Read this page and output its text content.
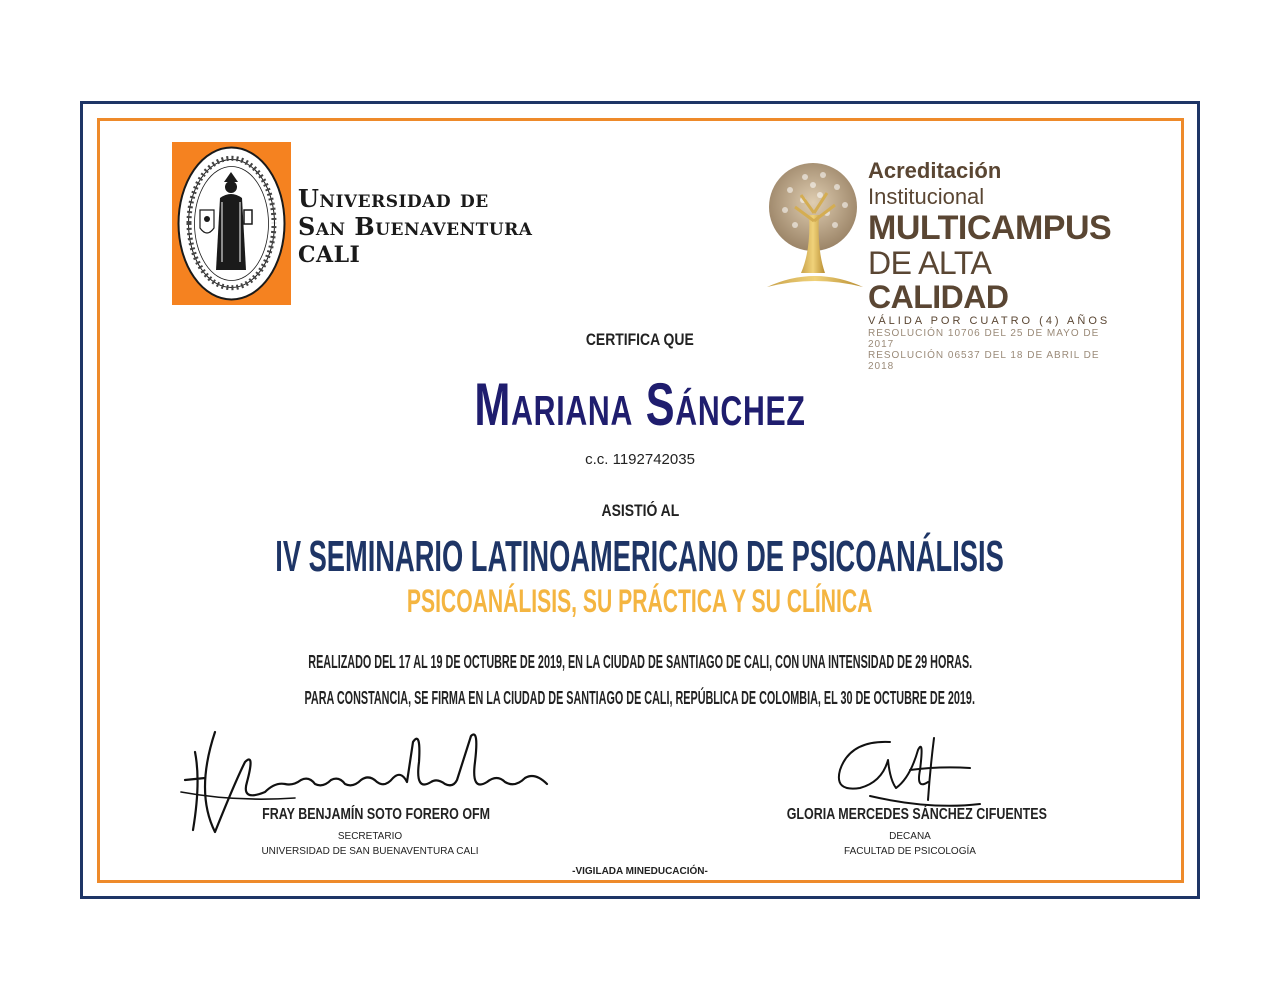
Universidad de
San Buenaventura
CALI
Acreditación Institucional
MULTICAMPUS
DE ALTA CALIDAD
VÁLIDA POR CUATRO (4) AÑOS
RESOLUCIÓN 10706 DEL 25 DE MAYO DE 2017
RESOLUCIÓN 06537 DEL 18 DE ABRIL DE 2018
CERTIFICA QUE
Mariana Sánchez
c.c. 1192742035
ASISTIÓ AL
IV SEMINARIO LATINOAMERICANO DE PSICOANÁLISIS
PSICOANÁLISIS, SU PRÁCTICA Y SU CLÍNICA
REALIZADO DEL 17 AL 19 DE OCTUBRE DE 2019, EN LA CIUDAD DE SANTIAGO DE CALI, CON UNA INTENSIDAD DE 29 HORAS.
PARA CONSTANCIA, SE FIRMA EN LA CIUDAD DE SANTIAGO DE CALI, REPÚBLICA DE COLOMBIA, EL 30 DE OCTUBRE DE 2019.
FRAY BENJAMÍN SOTO FORERO OFM
SECRETARIO
UNIVERSIDAD DE SAN BUENAVENTURA CALI
GLORIA MERCEDES SÁNCHEZ CIFUENTES
DECANA
FACULTAD DE PSICOLOGÍA
-VIGILADA MINEDUCACIÓN-
